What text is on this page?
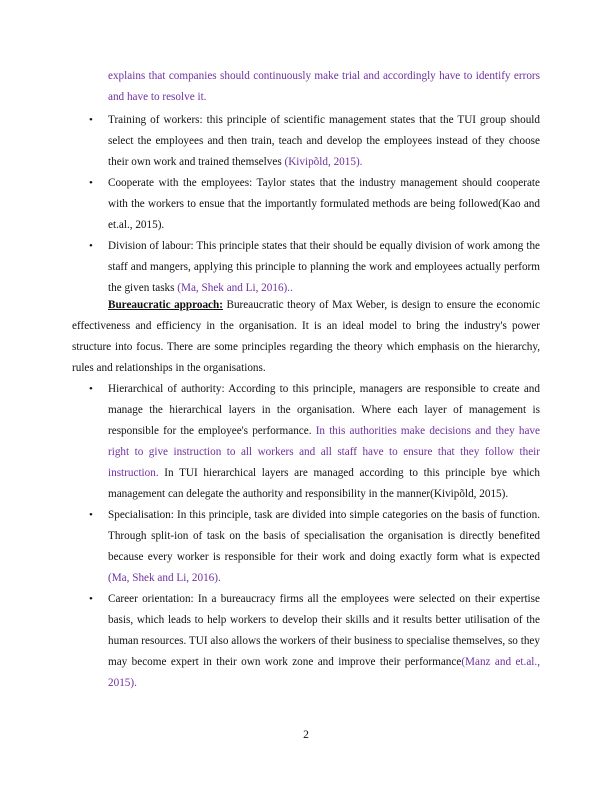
explains that companies should continuously make trial and accordingly have to identify errors and have to resolve it.

• Training of workers: this principle of scientific management states that the TUI group should select the employees and then train, teach and develop the employees instead of they choose their own work and trained themselves (Kivipõld, 2015).

• Cooperate with the employees: Taylor states that the industry management should cooperate with the workers to ensue that the importantly formulated methods are being followed(Kao and et.al., 2015).

• Division of labour: This principle states that their should be equally division of work among the staff and mangers, applying this principle to planning the work and employees actually perform the given tasks (Ma, Shek and Li, 2016)..

Bureaucratic approach: Bureaucratic theory of Max Weber, is design to ensure the economic effectiveness and efficiency in the organisation. It is an ideal model to bring the industry's power structure into focus. There are some principles regarding the theory which emphasis on the hierarchy, rules and relationships in the organisations.

• Hierarchical of authority: According to this principle, managers are responsible to create and manage the hierarchical layers in the organisation. Where each layer of management is responsible for the employee's performance. In this authorities make decisions and they have right to give instruction to all workers and all staff have to ensure that they follow their instruction. In TUI hierarchical layers are managed according to this principle bye which management can delegate the authority and responsibility in the manner(Kivipõld, 2015).

• Specialisation: In this principle, task are divided into simple categories on the basis of function. Through split-ion of task on the basis of specialisation the organisation is directly benefited because every worker is responsible for their work and doing exactly form what is expected (Ma, Shek and Li, 2016).

• Career orientation: In a bureaucracy firms all the employees were selected on their expertise basis, which leads to help workers to develop their skills and it results better utilisation of the human resources. TUI also allows the workers of their business to specialise themselves, so they may become expert in their own work zone and improve their performance(Manz and et.al., 2015).

2
